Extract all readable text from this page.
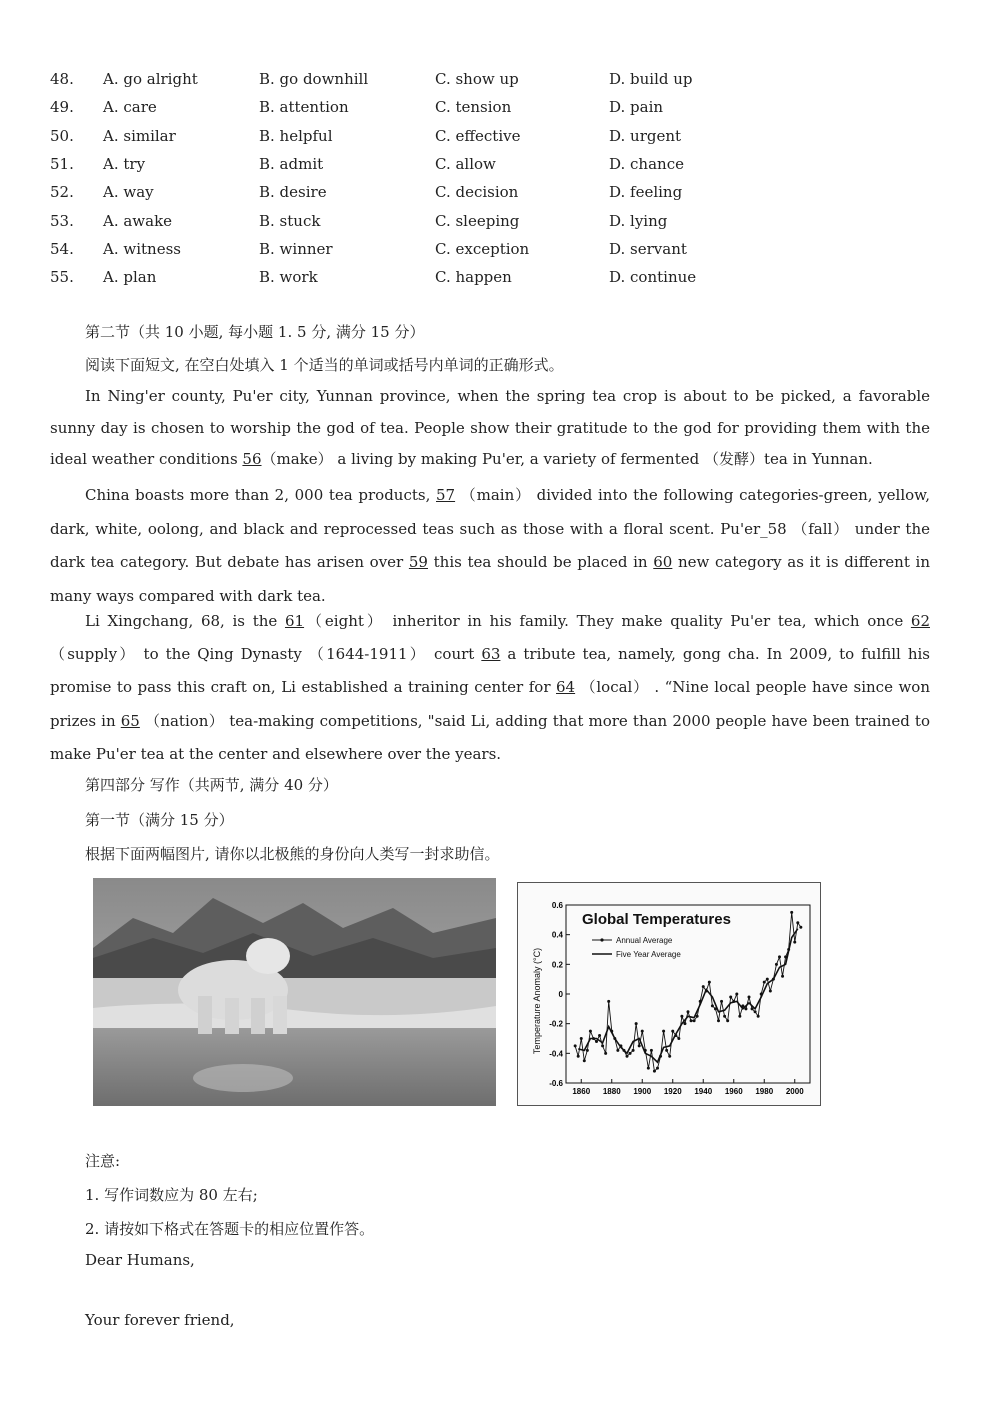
48. A. go alright	B. go downhill	C. show up	D. build up
49. A. care	B. attention	C. tension	D. pain
50. A. similar	B. helpful	C. effective	D. urgent
51. A. try	B. admit	C. allow	D. chance
52. A. way	B. desire	C. decision	D. feeling
53. A. awake	B. stuck	C. sleeping	D. lying
54. A. witness	B. winner	C. exception	D. servant
55. A. plan	B. work	C. happen	D. continue
第二节（共 10 小题, 每小题 1. 5 分, 满分 15 分）
阅读下面短文, 在空白处填入 1 个适当的单词或括号内单词的正确形式。
In Ning'er county, Pu'er city, Yunnan province, when the spring tea crop is about to be picked, a favorable sunny day is chosen to worship the god of tea. People show their gratitude to the god for providing them with the ideal weather conditions 56（make） a living by making Pu'er, a variety of fermented （发酵）tea in Yunnan.
China boasts more than 2, 000 tea products, 57 （main） divided into the following categories-green, yellow, dark, white, oolong, and black and reprocessed teas such as those with a floral scent. Pu'er_58 （fall） under the dark tea category. But debate has arisen over 59 this tea should be placed in 60 new category as it is different in many ways compared with dark tea.
Li Xingchang, 68, is the 61（eight） inheritor in his family. They make quality Pu'er tea, which once 62（supply） to the Qing Dynasty （1644-1911） court 63 a tribute tea, namely, gong cha. In 2009, to fulfill his promise to pass this craft on, Li established a training center for 64 （local） . “Nine local people have since won prizes in 65 （nation） tea-making competitions, "said Li, adding that more than 2000 people have been trained to make Pu'er tea at the center and elsewhere over the years.
第四部分 写作（共两节, 满分 40 分）
第一节（满分 15 分）
根据下面两幅图片, 请你以北极熊的身份向人类写一封求助信。
Global Temperatures
Temperature Anomaly (°C)
Annual Average
Five Year Average
0.6
0.4
0.2
0
-0.2
-0.4
-0.6
1860 1880 1900 1920 1940 1960 1980 2000
注意:
1. 写作词数应为 80 左右;
2. 请按如下格式在答题卡的相应位置作答。
Dear Humans,
Your forever friend,
